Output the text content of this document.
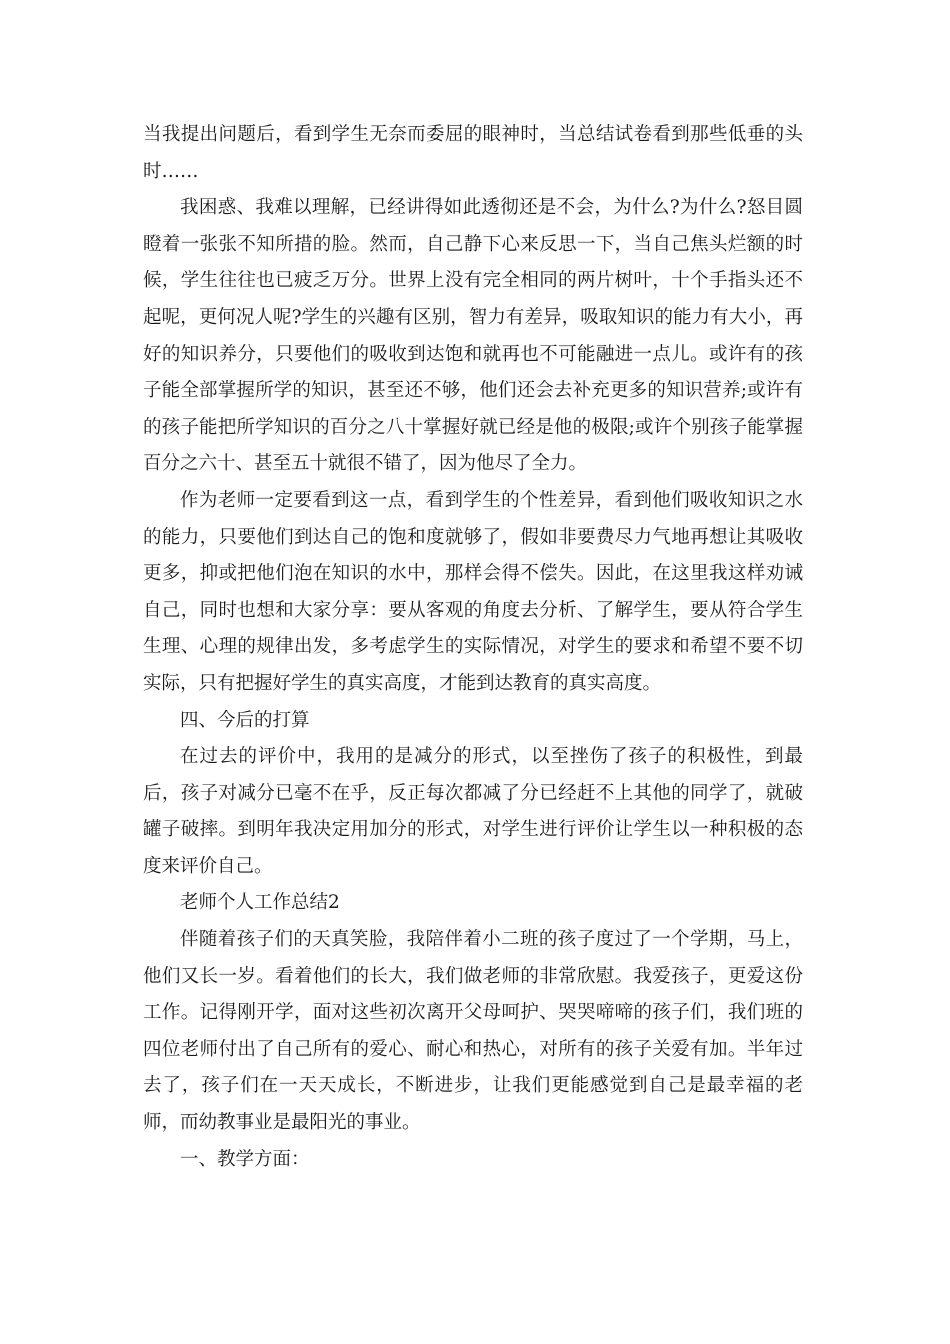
当我提出问题后，看到学生无奈而委屈的眼神时，当总结试卷看到那些低垂的头时……

我困惑、我难以理解，已经讲得如此透彻还是不会，为什么?为什么?怒目圆瞪着一张张不知所措的脸。然而，自己静下心来反思一下，当自己焦头烂额的时候，学生往往也已疲乏万分。世界上没有完全相同的两片树叶，十个手指头还不起呢，更何况人呢?学生的兴趣有区别，智力有差异，吸取知识的能力有大小，再好的知识养分，只要他们的吸收到达饱和就再也不可能融进一点儿。或许有的孩子能全部掌握所学的知识，甚至还不够，他们还会去补充更多的知识营养;或许有的孩子能把所学知识的百分之八十掌握好就已经是他的极限;或许个别孩子能掌握百分之六十、甚至五十就很不错了，因为他尽了全力。

作为老师一定要看到这一点，看到学生的个性差异，看到他们吸收知识之水的能力，只要他们到达自己的饱和度就够了，假如非要费尽力气地再想让其吸收更多，抑或把他们泡在知识的水中，那样会得不偿失。因此，在这里我这样劝诫自己，同时也想和大家分享：要从客观的角度去分析、了解学生，要从符合学生生理、心理的规律出发，多考虑学生的实际情况，对学生的要求和希望不要不切实际，只有把握好学生的真实高度，才能到达教育的真实高度。

四、今后的打算

在过去的评价中，我用的是减分的形式，以至挫伤了孩子的积极性，到最后，孩子对减分已毫不在乎，反正每次都减了分已经赶不上其他的同学了，就破罐子破摔。到明年我决定用加分的形式，对学生进行评价让学生以一种积极的态度来评价自己。

老师个人工作总结2

伴随着孩子们的天真笑脸，我陪伴着小二班的孩子度过了一个学期，马上，他们又长一岁。看着他们的长大，我们做老师的非常欣慰。我爱孩子，更爱这份工作。记得刚开学，面对这些初次离开父母呵护、哭哭啼啼的孩子们，我们班的四位老师付出了自己所有的爱心、耐心和热心，对所有的孩子关爱有加。半年过去了，孩子们在一天天成长，不断进步，让我们更能感觉到自己是最幸福的老师，而幼教事业是最阳光的事业。

一、教学方面：
